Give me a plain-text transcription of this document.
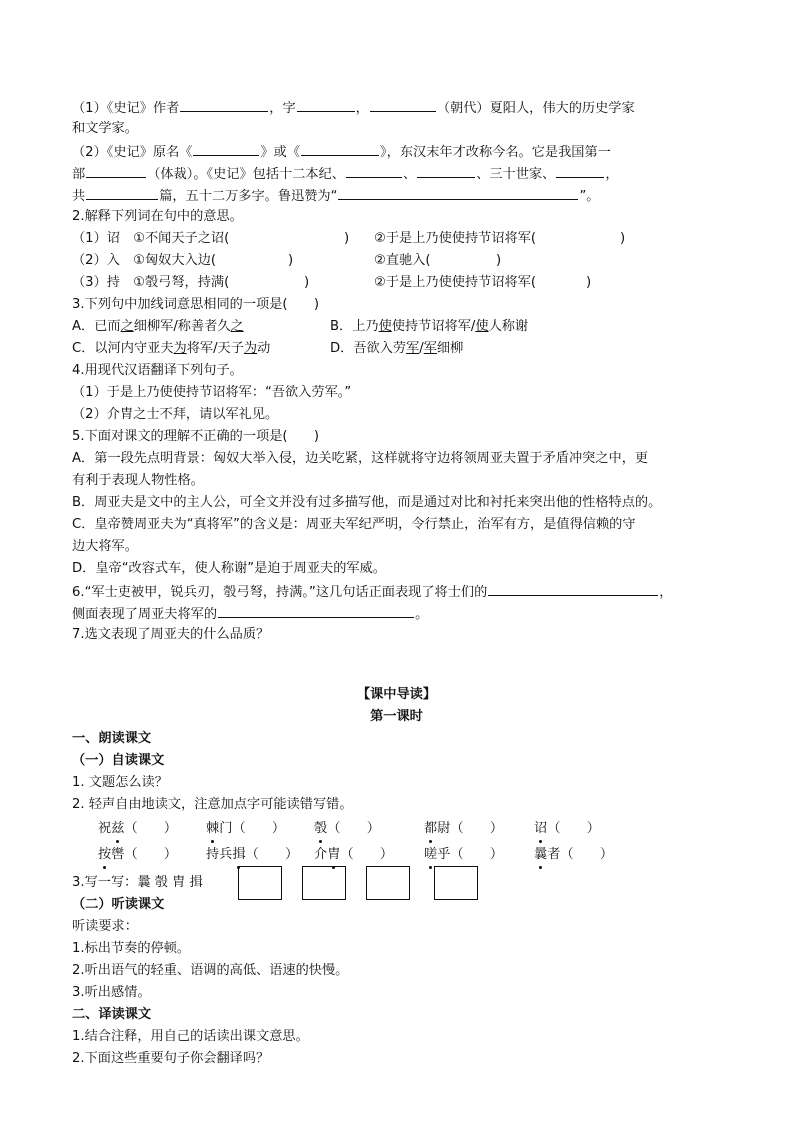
（1）《史记》作者	，字	，	（朝代）夏阳人，伟大的历史学家
和文学家。
（2）《史记》原名《	》或《	》，东汉末年才改称今名。它是我国第一
部	（体裁）。《史记》包括十二本纪、	、	、三十世家、	，
共	篇，五十二万多字。鲁迅赞为“	”。
2.解释下列词在句中的意思。
（1）诏　①不闻天子之诏(	) ②于是上乃使使持节诏将军(	)
（2）入　①匈奴大入边(	)	②直驰入(	)
（3）持　①彀弓弩，持满(	)	②于是上乃使使持节诏将军(	)
3.下列句中加线词意思相同的一项是(　　)
A．已而之细柳军/称善者久之	B．上乃使使持节诏将军/使人称谢
C．以河内守亚夫为将军/天子为动	D．吾欲入劳军/军细柳
4.用现代汉语翻译下列句子。
（1）于是上乃使使持节诏将军：“吾欲入劳军。”
（2）介胄之士不拜，请以军礼见。
5.下面对课文的理解不正确的一项是(　　)
A．第一段先点明背景：匈奴大举入侵，边关吃紧，这样就将守边将领周亚夫置于矛盾冲突之中，更
有利于表现人物性格。
B．周亚夫是文中的主人公，可全文并没有过多描写他，而是通过对比和衬托来突出他的性格特点的。
C．皇帝赞周亚夫为“真将军”的含义是：周亚夫军纪严明，令行禁止，治军有方，是值得信赖的守
边大将军。
D．皇帝“改容式车，使人称谢”是迫于周亚夫的军威。
6.“军士吏被甲，锐兵刃，彀弓弩，持满。”这几句话正面表现了将士们的	，
侧面表现了周亚夫将军的	。
7.选文表现了周亚夫的什么品质？
【课中导读】
第一课时
一、朗读课文
（一）自读课文
1. 文题怎么读？
2. 轻声自由地读文，注意加点字可能读错写错。
祝兹（　　） 棘门（　　） 彀（　　）	都尉（　　） 诏（　　）
按辔（　　） 持兵揖（　　） 介胄（　　） 嗟乎（　　） 曩者（　　）
3.写一写：曩 彀 胄 揖
（二）听读课文
听读要求：
1.标出节奏的停顿。
2.听出语气的轻重、语调的高低、语速的快慢。
3.听出感情。
二、译读课文
1.结合注释，用自己的话读出课文意思。
2.下面这些重要句子你会翻译吗？
